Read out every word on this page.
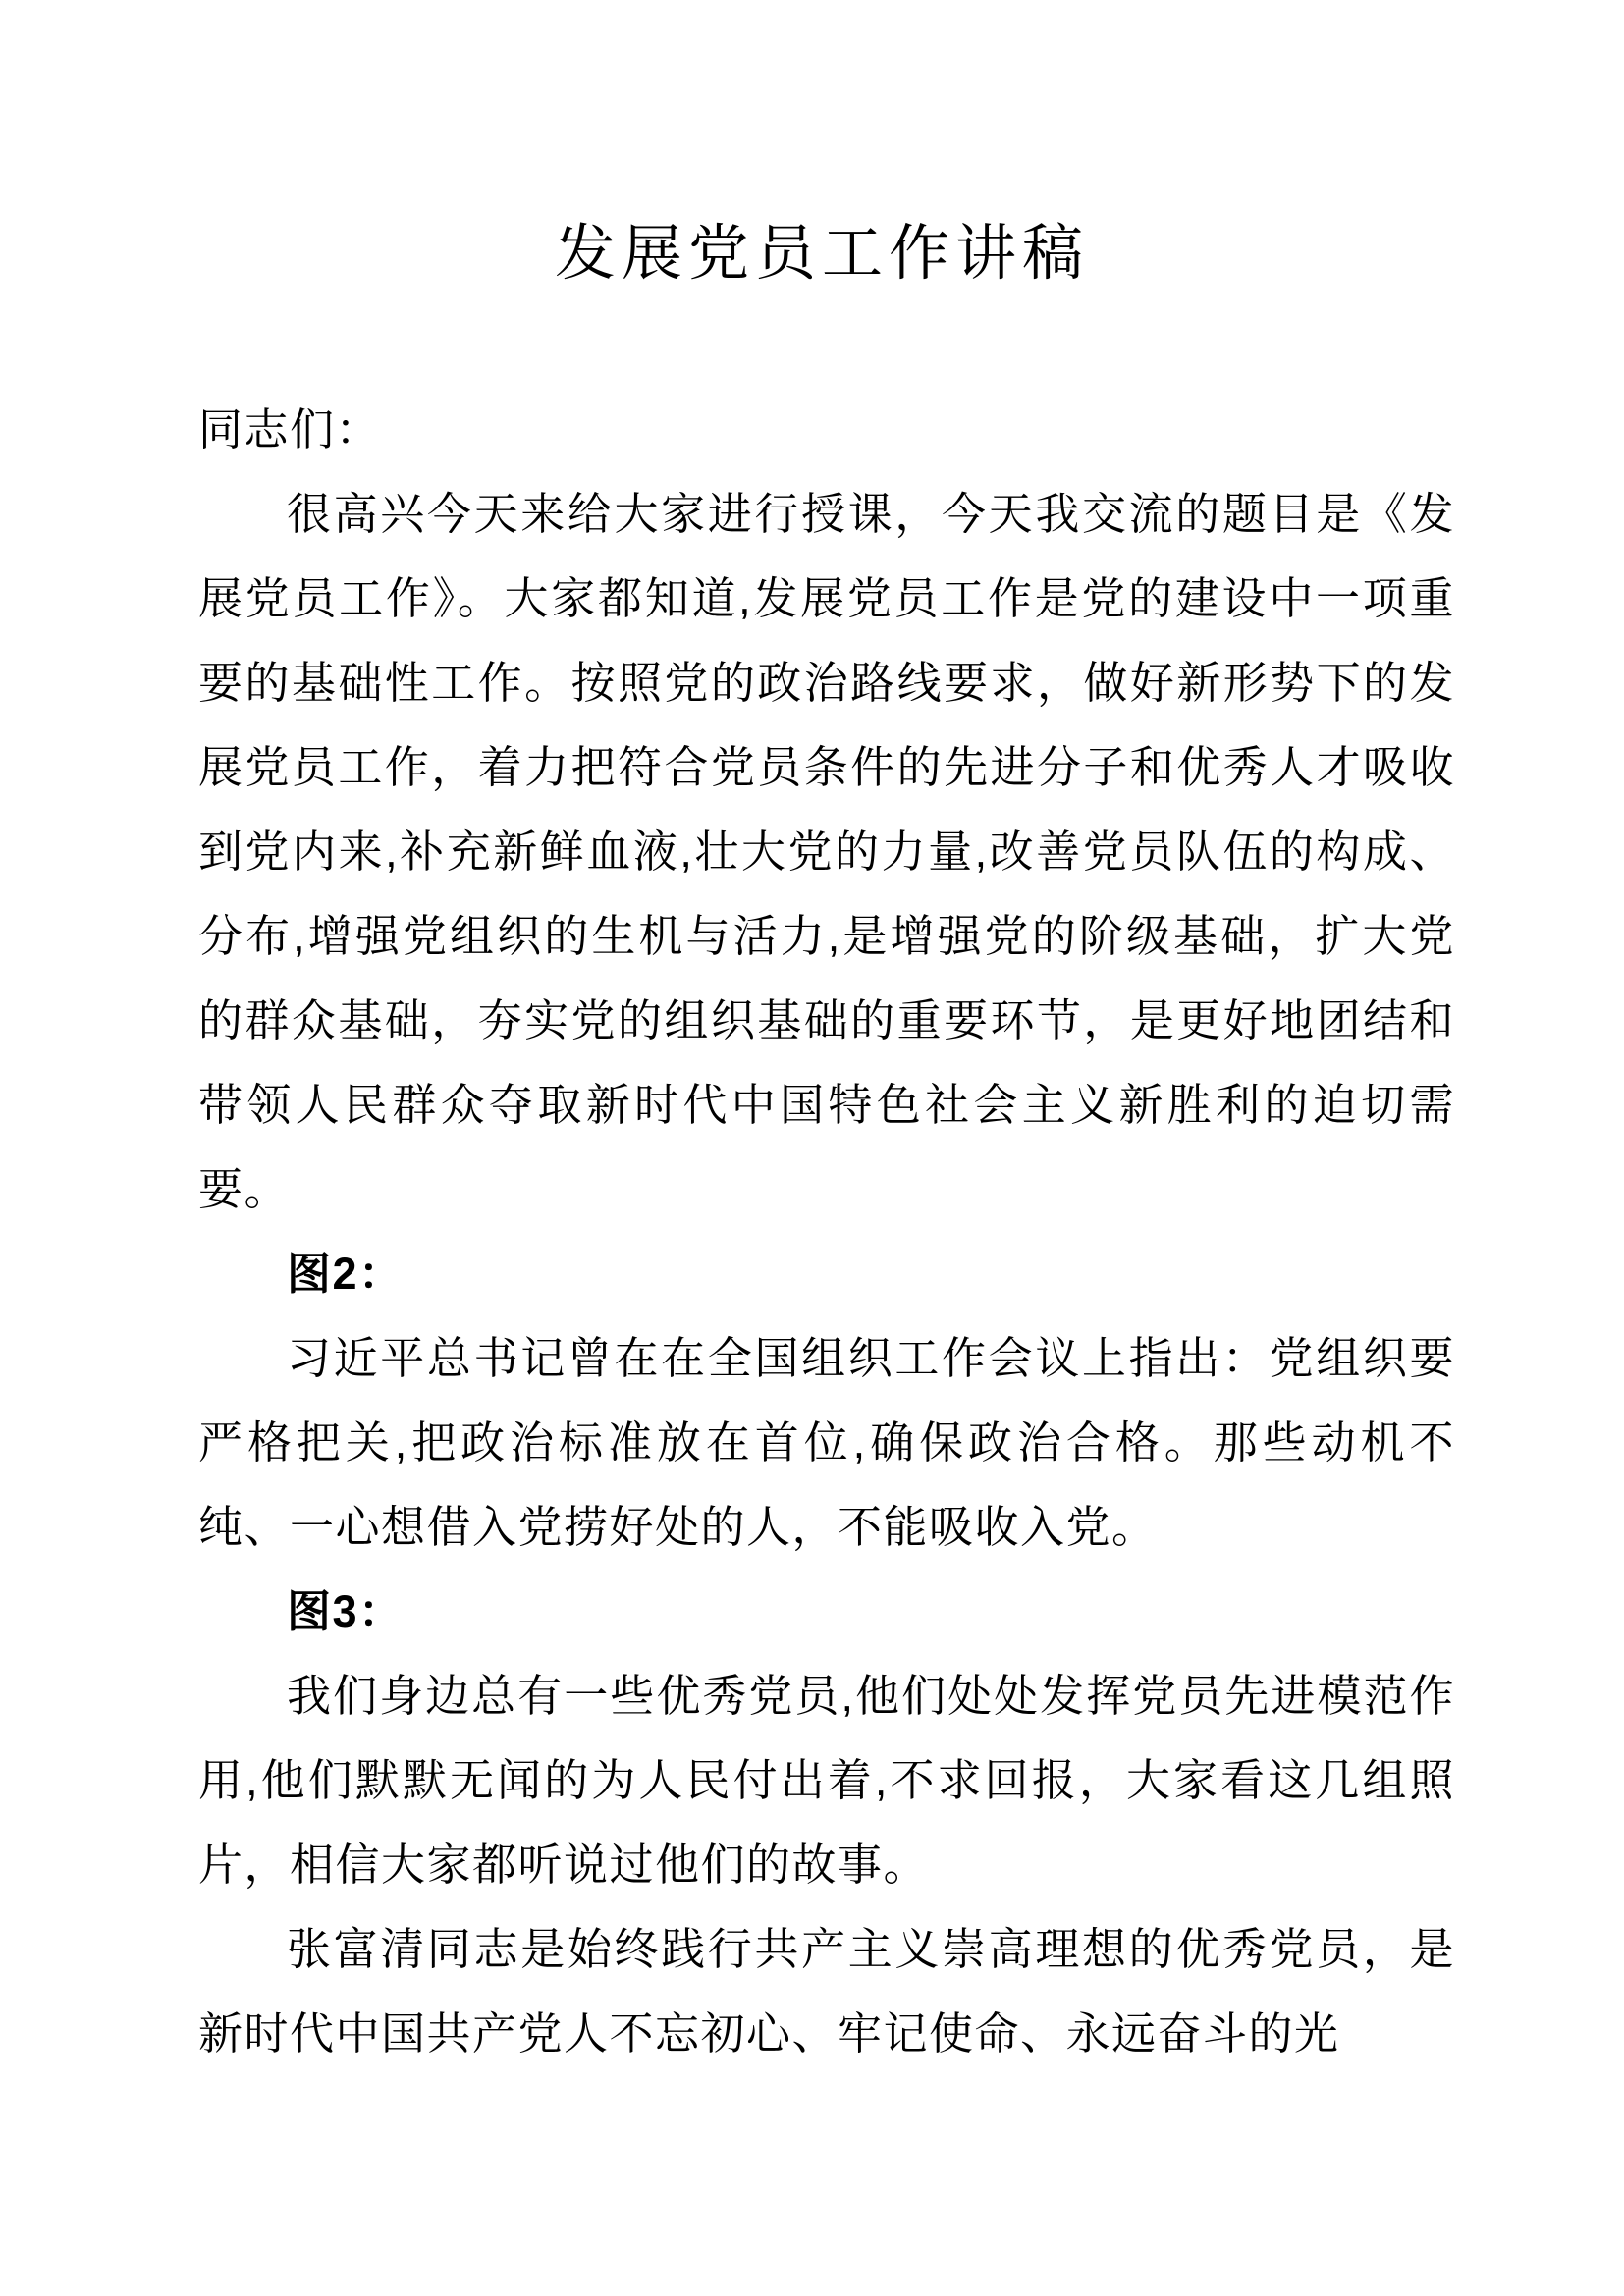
发展党员工作讲稿

同志们：

很高兴今天来给大家进行授课，今天我交流的题目是《发展党员工作》。大家都知道,发展党员工作是党的建设中一项重要的基础性工作。按照党的政治路线要求，做好新形势下的发展党员工作，着力把符合党员条件的先进分子和优秀人才吸收到党内来,补充新鲜血液,壮大党的力量,改善党员队伍的构成、分布,增强党组织的生机与活力,是增强党的阶级基础，扩大党的群众基础，夯实党的组织基础的重要环节，是更好地团结和带领人民群众夺取新时代中国特色社会主义新胜利的迫切需要。

图2：

习近平总书记曾在在全国组织工作会议上指出：党组织要严格把关,把政治标准放在首位,确保政治合格。那些动机不纯、一心想借入党捞好处的人，不能吸收入党。

图3：

我们身边总有一些优秀党员,他们处处发挥党员先进模范作用,他们默默无闻的为人民付出着,不求回报，大家看这几组照片，相信大家都听说过他们的故事。

张富清同志是始终践行共产主义崇高理想的优秀党员，是新时代中国共产党人不忘初心、牢记使命、永远奋斗的光
